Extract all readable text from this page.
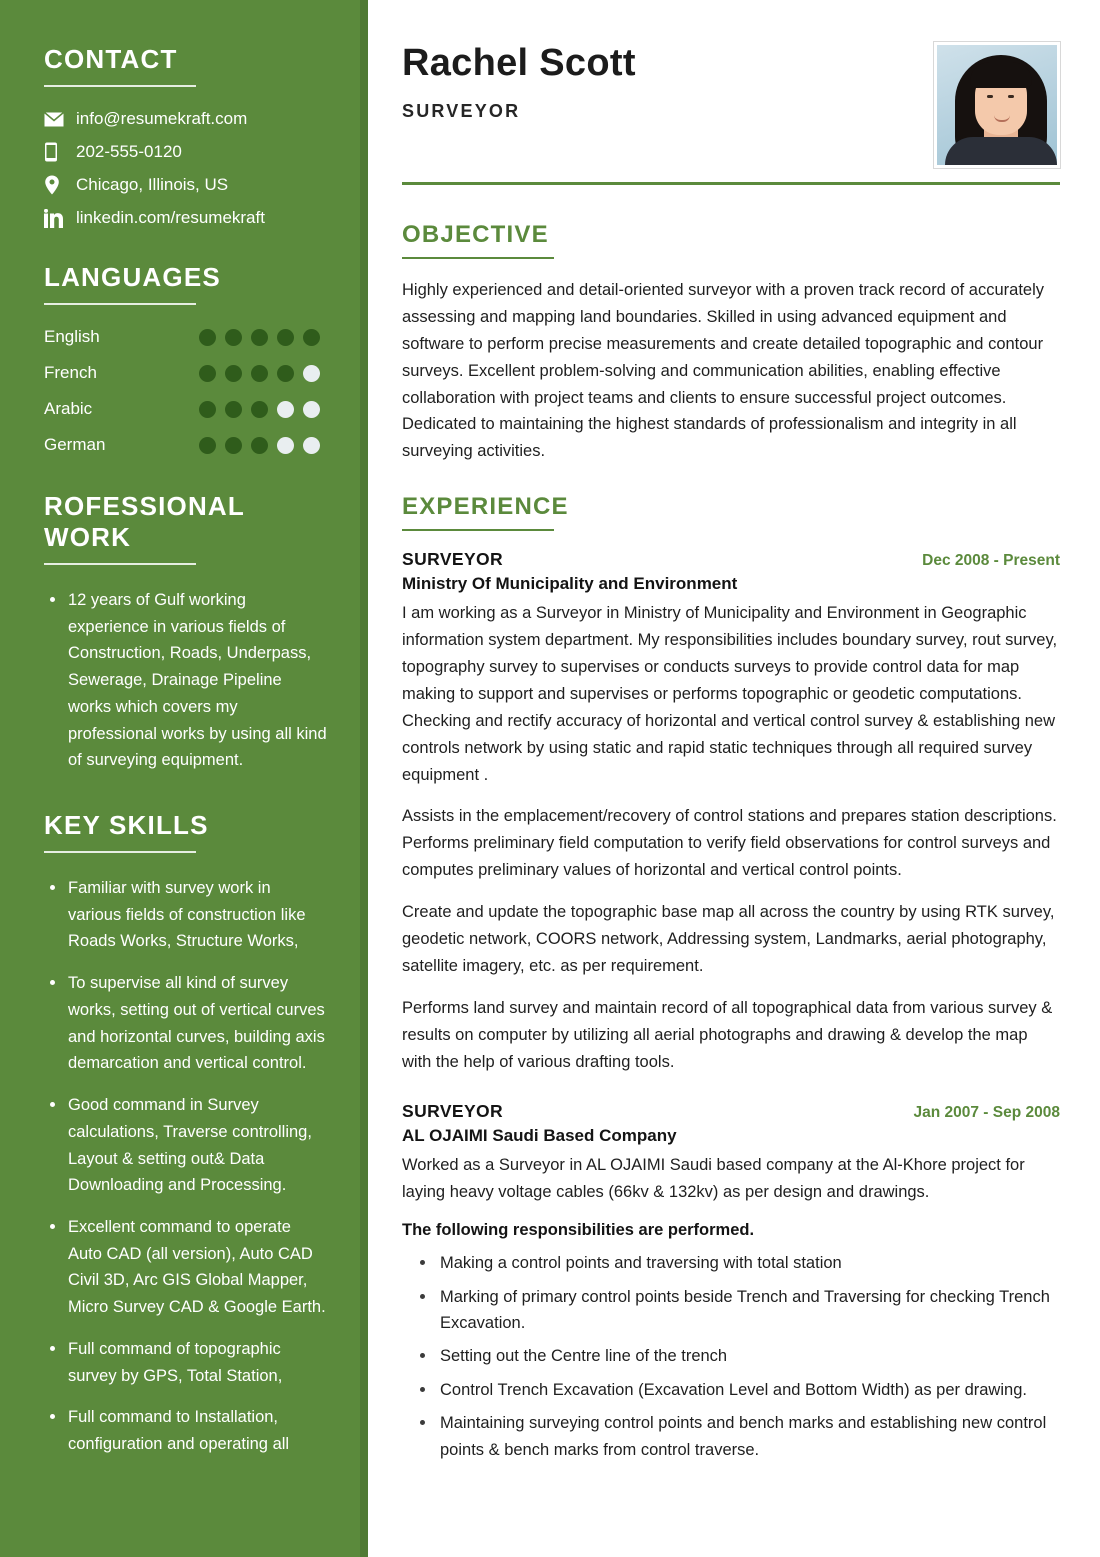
CONTACT
info@resumekraft.com
202-555-0120
Chicago, Illinois, US
linkedin.com/resumekraft
LANGUAGES
English
French
Arabic
German
ROFESSIONAL WORK
12 years of Gulf working experience in various fields of Construction, Roads, Underpass, Sewerage, Drainage Pipeline works which covers my professional works by using all kind of surveying equipment.
KEY SKILLS
Familiar with survey work in various fields of construction like Roads Works, Structure Works,
To supervise all kind of survey works, setting out of vertical curves and horizontal curves, building axis demarcation and vertical control.
Good command in Survey calculations, Traverse controlling, Layout & setting out& Data Downloading and Processing.
Excellent command to operate Auto CAD (all version), Auto CAD Civil 3D, Arc GIS Global Mapper, Micro Survey CAD & Google Earth.
Full command of topographic survey by GPS, Total Station,
Full command to Installation, configuration and operating all
Rachel Scott
SURVEYOR
OBJECTIVE

Highly experienced and detail-oriented surveyor with a proven track record of accurately assessing and mapping land boundaries. Skilled in using advanced equipment and software to perform precise measurements and create detailed topographic and contour surveys. Excellent problem-solving and communication abilities, enabling effective collaboration with project teams and clients to ensure successful project outcomes. Dedicated to maintaining the highest standards of professionalism and integrity in all surveying activities.

EXPERIENCE
SURVEYOR	Dec 2008 - Present
Ministry Of Municipality and Environment

I am working as a Surveyor in Ministry of Municipality and Environment in Geographic information system department. My responsibilities includes boundary survey, rout survey, topography survey to supervises or conducts surveys to provide control data for map making to support and supervises or performs topographic or geodetic computations. Checking and rectify accuracy of horizontal and vertical control survey & establishing new controls network by using static and rapid static techniques through all required survey equipment .

Assists in the emplacement/recovery of control stations and prepares station descriptions. Performs preliminary field computation to verify field observations for control surveys and computes preliminary values of horizontal and vertical control points.

Create and update the topographic base map all across the country by using RTK survey, geodetic network, COORS network, Addressing system, Landmarks, aerial photography, satellite imagery, etc. as per requirement.

Performs land survey and maintain record of all topographical data from various survey & results on computer by utilizing all aerial photographs and drawing & develop the map with the help of various drafting tools.

SURVEYOR	Jan 2007 - Sep 2008
AL OJAIMI Saudi Based Company

Worked as a Surveyor in AL OJAIMI Saudi based company at the Al-Khore project for laying heavy voltage cables (66kv & 132kv) as per design and drawings.

The following responsibilities are performed.
Making a control points and traversing with total station
Marking of primary control points beside Trench and Traversing for checking Trench Excavation.
Setting out the Centre line of the trench
Control Trench Excavation (Excavation Level and Bottom Width) as per drawing.
Maintaining surveying control points and bench marks and establishing new control points & bench marks from control traverse.
